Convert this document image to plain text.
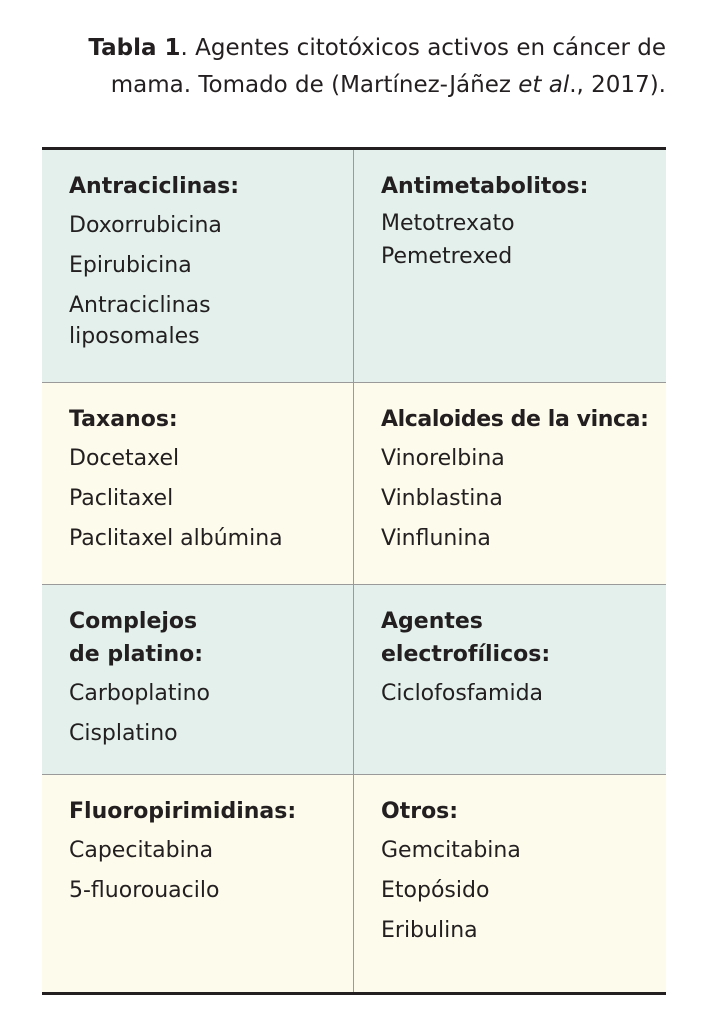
Tabla 1. Agentes citotóxicos activos en cáncer de mama. Tomado de (Martínez-Jáñez et al., 2017).
Antraciclinas:
Doxorrubicina
Epirubicina
Antraciclinas liposomales
Antimetabolitos:
Metotrexato
Pemetrexed
Taxanos:
Docetaxel
Paclitaxel
Paclitaxel albúmina
Alcaloides de la vinca:
Vinorelbina
Vinblastina
Vinflunina
Complejos de platino:
Carboplatino
Cisplatino
Agentes electrofílicos:
Ciclofosfamida
Fluoropirimidinas:
Capecitabina
5-fluorouacilo
Otros:
Gemcitabina
Etopósido
Eribulina
